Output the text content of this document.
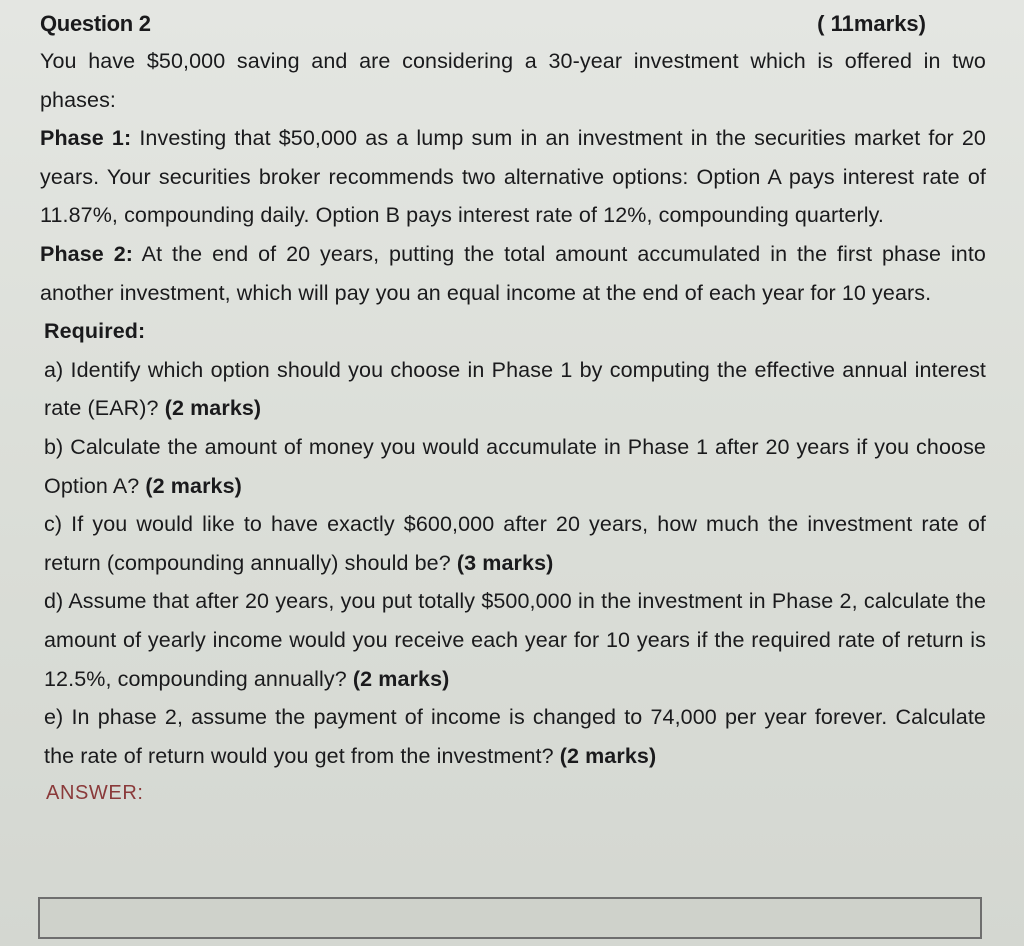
Question 2	( 11marks)
You have $50,000 saving and are considering a 30-year investment which is offered in two phases:
Phase 1: Investing that $50,000 as a lump sum in an investment in the securities market for 20 years. Your securities broker recommends two alternative options: Option A pays interest rate of 11.87%, compounding daily. Option B pays interest rate of 12%, compounding quarterly.
Phase 2: At the end of 20 years, putting the total amount accumulated in the first phase into another investment, which will pay you an equal income at the end of each year for 10 years.
Required:
a) Identify which option should you choose in Phase 1 by computing the effective annual interest rate (EAR)? (2 marks)
b) Calculate the amount of money you would accumulate in Phase 1 after 20 years if you choose Option A? (2 marks)
c) If you would like to have exactly $600,000 after 20 years, how much the investment rate of return (compounding annually) should be? (3 marks)
d) Assume that after 20 years, you put totally $500,000 in the investment in Phase 2, calculate the amount of yearly income would you receive each year for 10 years if the required rate of return is 12.5%, compounding annually? (2 marks)
e) In phase 2, assume the payment of income is changed to 74,000 per year forever. Calculate the rate of return would you get from the investment? (2 marks)
ANSWER:
